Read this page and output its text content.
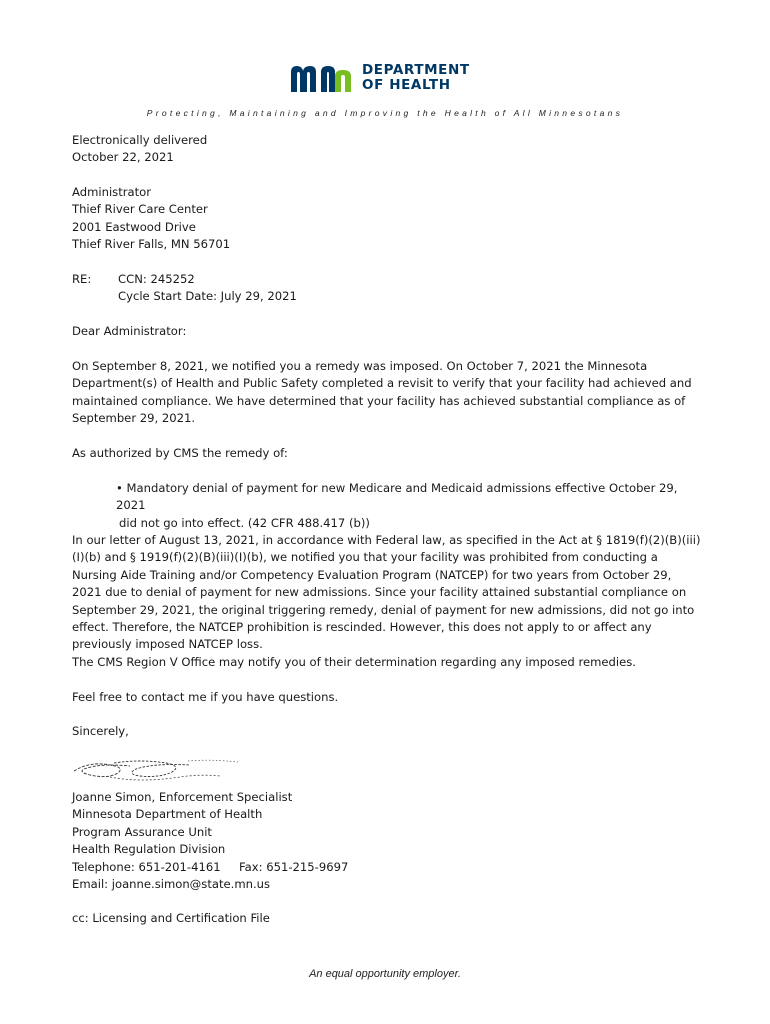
DEPARTMENT
OF HEALTH
Protecting, Maintaining and Improving the Health of All Minnesotans
Electronically delivered
October 22, 2021
Administrator
Thief River Care Center
2001 Eastwood Drive
Thief River Falls, MN 56701
RE: CCN: 245252
Cycle Start Date: July 29, 2021
Dear Administrator:
On September 8, 2021, we notified you a remedy was imposed. On October 7, 2021 the Minnesota Department(s) of Health and Public Safety completed a revisit to verify that your facility had achieved and maintained compliance. We have determined that your facility has achieved substantial compliance as of September 29, 2021.
As authorized by CMS the remedy of:
• Mandatory denial of payment for new Medicare and Medicaid admissions effective October 29, 2021
did not go into effect. (42 CFR 488.417 (b))
In our letter of August 13, 2021, in accordance with Federal law, as specified in the Act at § 1819(f)(2)(B)(iii)(I)(b) and § 1919(f)(2)(B)(iii)(I)(b), we notified you that your facility was prohibited from conducting a Nursing Aide Training and/or Competency Evaluation Program (NATCEP) for two years from October 29, 2021 due to denial of payment for new admissions. Since your facility attained substantial compliance on September 29, 2021, the original triggering remedy, denial of payment for new admissions, did not go into effect. Therefore, the NATCEP prohibition is rescinded. However, this does not apply to or affect any previously imposed NATCEP loss.
The CMS Region V Office may notify you of their determination regarding any imposed remedies.
Feel free to contact me if you have questions.
Sincerely,
Joanne Simon, Enforcement Specialist
Minnesota Department of Health
Program Assurance Unit
Health Regulation Division
Telephone: 651-201-4161     Fax: 651-215-9697
Email: joanne.simon@state.mn.us
cc: Licensing and Certification File
An equal opportunity employer.
